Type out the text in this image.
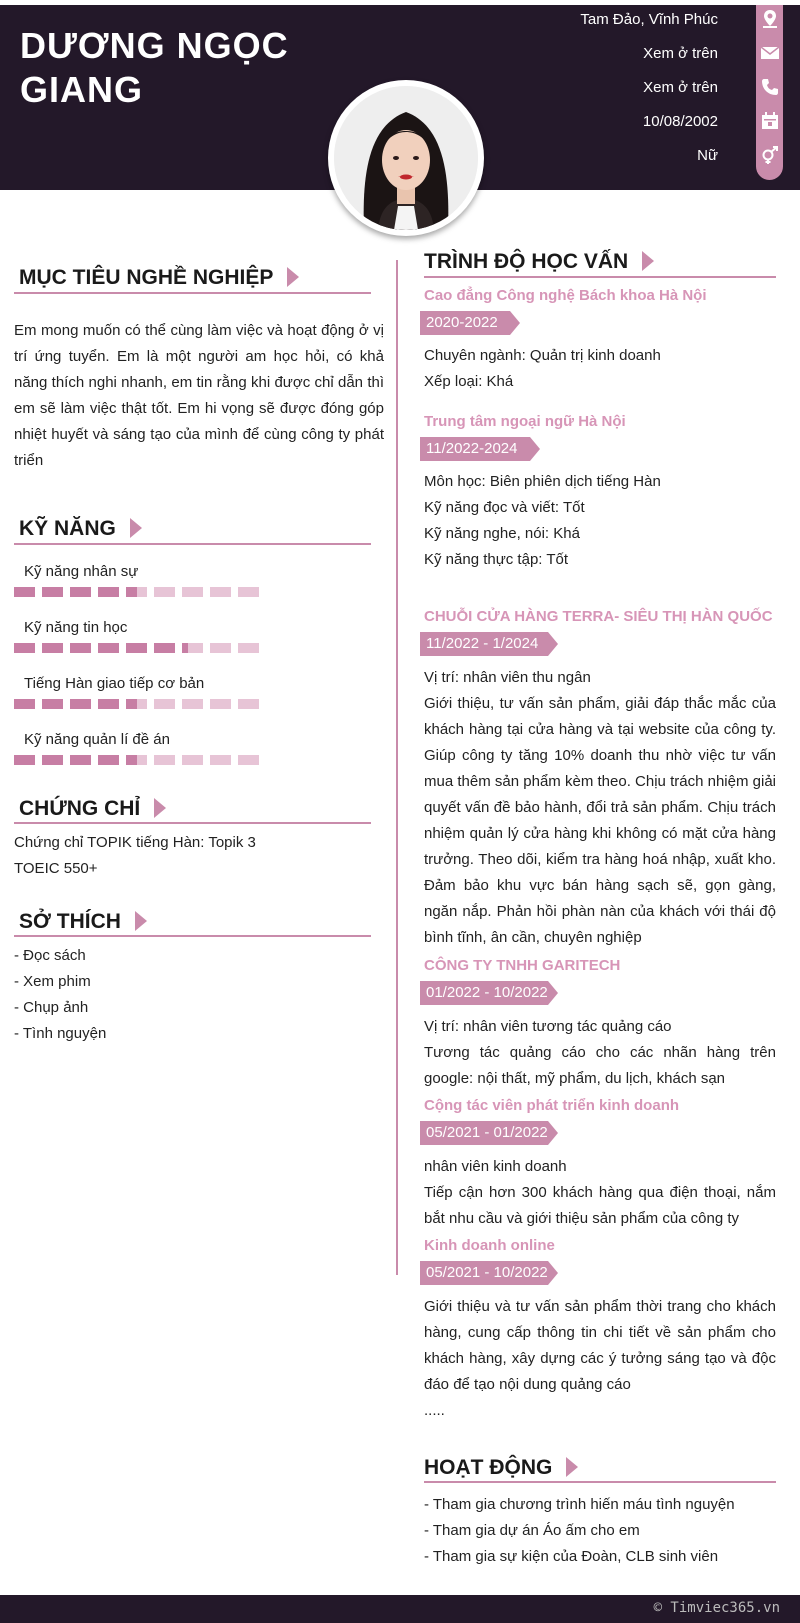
DƯƠNG NGỌC GIANG
Tam Đảo, Vĩnh Phúc
Xem ở trên
Xem ở trên
10/08/2002
Nữ
MỤC TIÊU NGHỀ NGHIỆP
Em mong muốn có thể cùng làm việc và hoạt động ở vị trí ứng tuyển. Em là một người am học hỏi, có khả năng thích nghi nhanh, em tin rằng khi được chỉ dẫn thì em sẽ làm việc thật tốt. Em hi vọng sẽ được đóng góp nhiệt huyết và sáng tạo của mình để cùng công ty phát triển
KỸ NĂNG
Kỹ năng nhân sự
Kỹ năng tin học
Tiếng Hàn giao tiếp cơ bản
Kỹ năng quản lí đề án
CHỨNG CHỈ
Chứng chỉ TOPIK tiếng Hàn: Topik 3
TOEIC 550+
SỞ THÍCH
- Đọc sách
- Xem phim
- Chụp ảnh
- Tình nguyện
TRÌNH ĐỘ HỌC VẤN
Cao đẳng Công nghệ Bách khoa Hà Nội
2020-2022
Chuyên ngành: Quản trị kinh doanh
Xếp loại: Khá
Trung tâm ngoại ngữ Hà Nội
11/2022-2024
Môn học: Biên phiên dịch tiếng Hàn
Kỹ năng đọc và viết: Tốt
Kỹ năng nghe, nói: Khá
Kỹ năng thực tập: Tốt
CHUỖI CỬA HÀNG TERRA- SIÊU THỊ HÀN QUỐC
11/2022 - 1/2024
Vị trí: nhân viên thu ngân
Giới thiệu, tư vấn sản phẩm, giải đáp thắc mắc của khách hàng tại cửa hàng và tại website của công ty. Giúp công ty tăng 10% doanh thu nhờ việc tư vấn mua thêm sản phẩm kèm theo. Chịu trách nhiệm giải quyết vấn đề bảo hành, đổi trả sản phẩm. Chịu trách nhiệm quản lý cửa hàng khi không có mặt cửa hàng trưởng. Theo dõi, kiểm tra hàng hoá nhập, xuất kho. Đảm bảo khu vực bán hàng sạch sẽ, gọn gàng, ngăn nắp. Phản hồi phàn nàn của khách với thái độ bình tĩnh, ân cần, chuyên nghiệp
CÔNG TY TNHH GARITECH
01/2022 - 10/2022
Vị trí: nhân viên tương tác quảng cáo
Tương tác quảng cáo cho các nhãn hàng trên google: nội thất, mỹ phẩm, du lịch, khách sạn
Cộng tác viên phát triển kinh doanh
05/2021 - 01/2022
nhân viên kinh doanh
Tiếp cận hơn 300 khách hàng qua điện thoại, nắm bắt nhu cầu và giới thiệu sản phẩm của công ty
Kinh doanh online
05/2021 - 10/2022
Giới thiệu và tư vấn sản phẩm thời trang cho khách hàng, cung cấp thông tin chi tiết về sản phẩm cho khách hàng, xây dựng các ý tưởng sáng tạo và độc đáo để tạo nội dung quảng cáo
.....
HOẠT ĐỘNG
- Tham gia chương trình hiến máu tình nguyện
- Tham gia dự án Áo ấm cho em
- Tham gia sự kiện của Đoàn, CLB sinh viên
© Timviec365.vn
